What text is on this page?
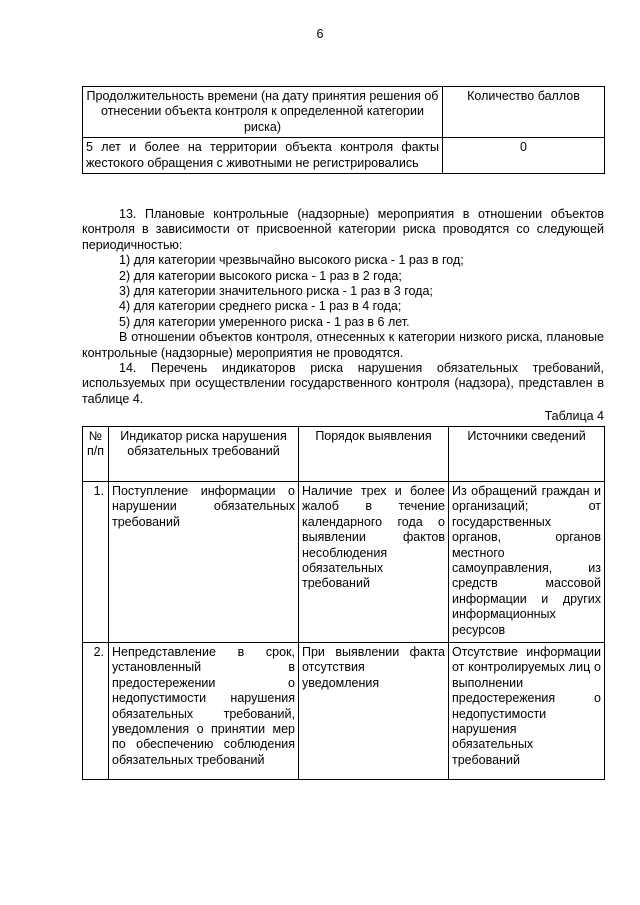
6
Продолжительность времени (на дату принятия решения об отнесении объекта контроля к определенной категории риска)	Количество баллов
5 лет и более на территории объекта контроля факты жестокого обращения с животными не регистрировались	0

13. Плановые контрольные (надзорные) мероприятия в отношении объектов контроля в зависимости от присвоенной категории риска проводятся со следующей периодичностью:

1) для категории чрезвычайно высокого риска - 1 раз в год;

2) для категории высокого риска - 1 раз в 2 года;

3) для категории значительного риска - 1 раз в 3 года;

4) для категории среднего риска - 1 раз в 4 года;

5) для категории умеренного риска - 1 раз в 6 лет.

В отношении объектов контроля, отнесенных к категории низкого риска, плановые контрольные (надзорные) мероприятия не проводятся.

14. Перечень индикаторов риска нарушения обязательных требований, используемых при осуществлении государственного контроля (надзора), представлен в таблице 4.

Таблица 4
№ п/п	Индикатор риска нарушения обязательных требований	Порядок выявления	Источники сведений
1.	Поступление информации о нарушении обязательных требований	Наличие трех и более жалоб в течение календарного года о выявлении фактов несоблюдения обязательных требований	Из обращений граждан и организаций; от государственных органов, органов местного самоуправления, из средств массовой информации и других информационных ресурсов
2.	Непредставление в срок, установленный в предостережении о недопустимости нарушения обязательных требований, уведомления о принятии мер по обеспечению соблюдения обязательных требований	При выявлении факта отсутствия уведомления	Отсутствие информации от контролируемых лиц о выполнении предостережения о недопустимости нарушения обязательных требований
